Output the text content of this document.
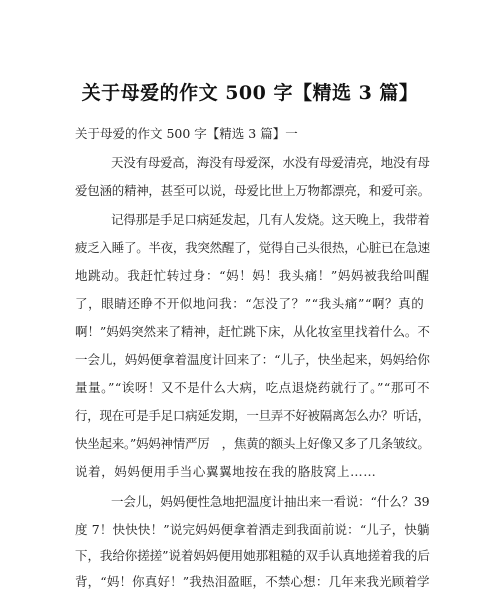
关于母爱的作文 500 字【精选 3 篇】
关于母爱的作文 500 字【精选 3 篇】一
天没有母爱高，海没有母爱深，水没有母爱清亮，地没有母
爱包涵的精神，甚至可以说，母爱比世上万物都漂亮，和爱可亲。
记得那是手足口病延发起，几有人发烧。这天晚上，我带着
疲乏入睡了。半夜，我突然醒了，觉得自己头很热，心脏已在急速
地跳动。我赶忙转过身：“妈！妈！我头痛！”妈妈被我给叫醒
了，眼睛还睁不开似地问我：“怎没了？”“我头痛”“啊？真的
啊！”妈妈突然来了精神，赶忙跳下床，从化妆室里找着什么。不
一会儿，妈妈便拿着温度计回来了：“儿子，快坐起来，妈妈给你
量量。”“诶呀！又不是什么大病，吃点退烧药就行了。”“那可不
行，现在可是手足口病延发期，一旦弄不好被隔离怎么办？听话，
快坐起来。”妈妈神情严厉　，焦黄的额头上好像又多了几条皱纹。
说着，妈妈便用手当心翼翼地按在我的胳肢窝上……
一会儿，妈妈便性急地把温度计抽出来一看说：“什么？39
度 7！快快快！”说完妈妈便拿着酒走到我面前说：“儿子，快躺
下，我给你搓搓”说着妈妈便用她那粗糙的双手认真地搓着我的后
背，“妈！你真好！”我热泪盈眶，不禁心想：几年来我光顾着学
